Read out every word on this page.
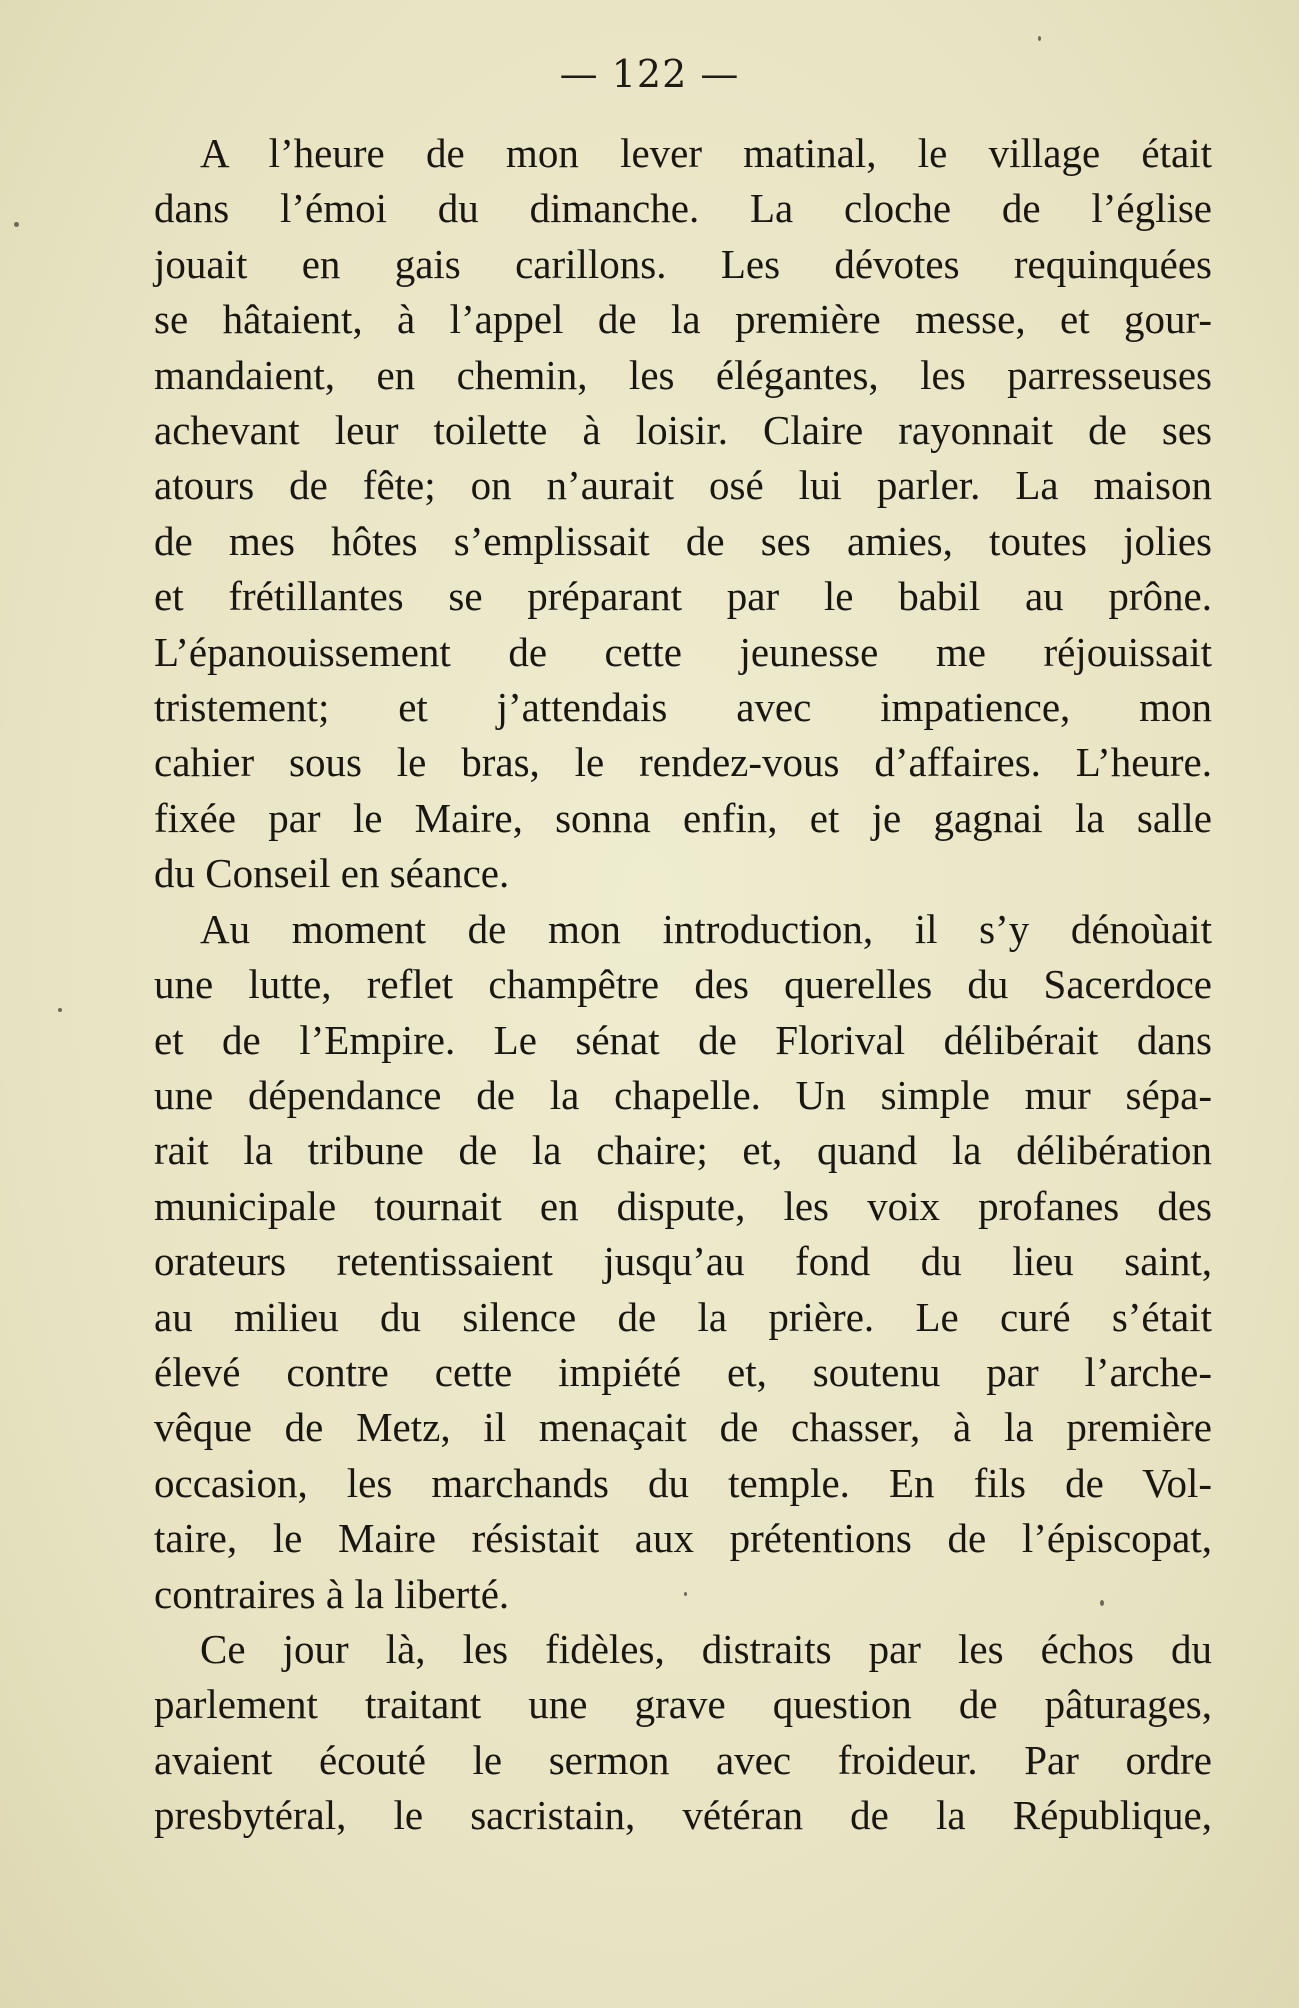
— 122 —
A l’heure de mon lever matinal, le village était
dans l’émoi du dimanche. La cloche de l’église
jouait en gais carillons. Les dévotes requinquées
se hâtaient, à l’appel de la première messe, et gour-
mandaient, en chemin, les élégantes, les parresseuses
achevant leur toilette à loisir. Claire rayonnait de ses
atours de fête; on n’aurait osé lui parler. La maison
de mes hôtes s’emplissait de ses amies, toutes jolies
et frétillantes se préparant par le babil au prône.
L’épanouissement de cette jeunesse me réjouissait
tristement; et j’attendais avec impatience, mon
cahier sous le bras, le rendez-vous d’affaires. L’heure.
fixée par le Maire, sonna enfin, et je gagnai la salle
du Conseil en séance.
Au moment de mon introduction, il s’y dénoùait
une lutte, reflet champêtre des querelles du Sacerdoce
et de l’Empire. Le sénat de Florival délibérait dans
une dépendance de la chapelle. Un simple mur sépa-
rait la tribune de la chaire; et, quand la délibération
municipale tournait en dispute, les voix profanes des
orateurs retentissaient jusqu’au fond du lieu saint,
au milieu du silence de la prière. Le curé s’était
élevé contre cette impiété et, soutenu par l’arche-
vêque de Metz, il menaçait de chasser, à la première
occasion, les marchands du temple. En fils de Vol-
taire, le Maire résistait aux prétentions de l’épiscopat,
contraires à la liberté.
Ce jour là, les fidèles, distraits par les échos du
parlement traitant une grave question de pâturages,
avaient écouté le sermon avec froideur. Par ordre
presbytéral, le sacristain, vétéran de la République,
